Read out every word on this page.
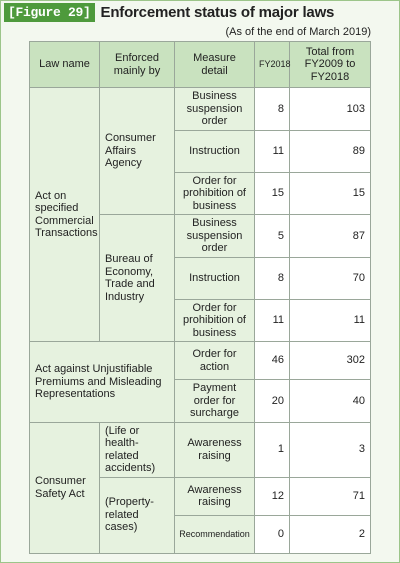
[Figure 29] Enforcement status of major laws
(As of the end of March 2019)
Law name	Enforced mainly by	Measure detail	FY2018	Total from FY2009 to FY2018
Act on specified Commercial Transactions	Consumer Affairs Agency	Business suspension order	8	103
		Instruction	11	89
		Order for prohibition of business	15	15
	Bureau of Economy, Trade and Industry	Business suspension order	5	87
		Instruction	8	70
		Order for prohibition of business	11	11
Act against Unjustifiable Premiums and Misleading Representations		Order for action	46	302
		Payment order for surcharge	20	40
Consumer Safety Act	(Life or health-related accidents)	Awareness raising	1	3
	(Property-related cases)	Awareness raising	12	71
		Recommendation	0	2
